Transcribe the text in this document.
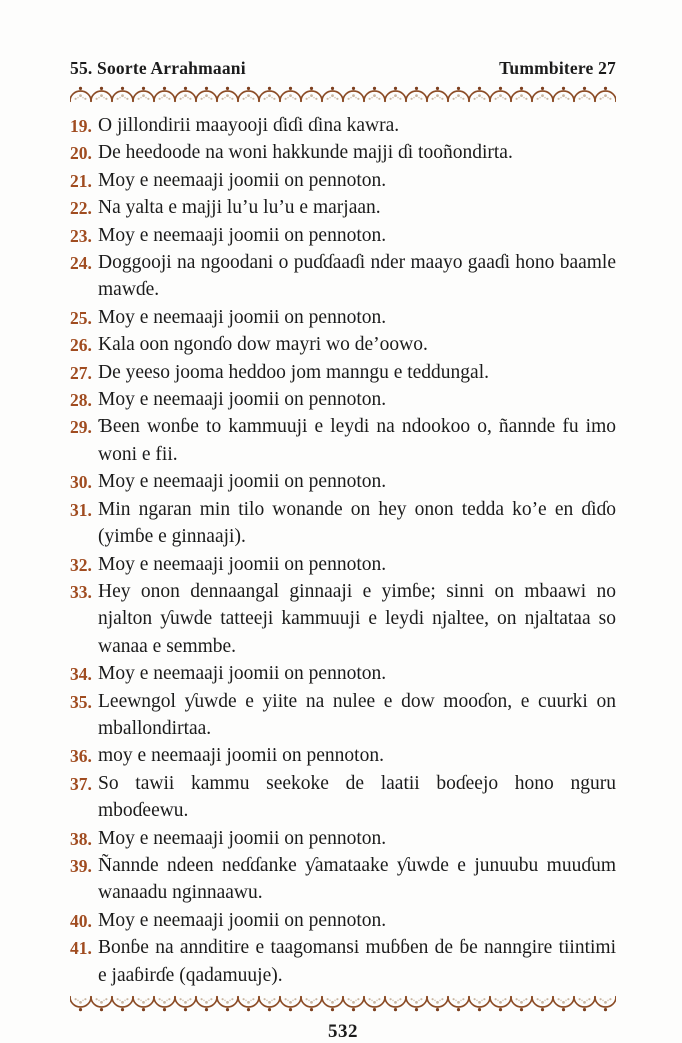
55. Soorte Arrahmaani	Tummbitere 27

19. O jillondirii maayooji ɗiɗi ɗina kawra.

20. De heedoode na woni hakkunde majji ɗi tooñondirta.

21. Moy e neemaaji joomii on pennoton.

22. Na yalta e majji lu’u lu’u e marjaan.

23. Moy e neemaaji joomii on pennoton.

24. Doggooji na ngoodani o puɗɗaaɗi nder maayo gaaɗi hono baamle mawɗe.

25. Moy e neemaaji joomii on pennoton.

26. Kala oon ngonɗo dow mayri wo de’oowo.

27. De yeeso jooma heddoo jom manngu e teddungal.

28. Moy e neemaaji joomii on pennoton.

29. Ɓeen wonɓe to kammuuji e leydi na ndookoo o, ñannde fu imo woni e fii.

30. Moy e neemaaji joomii on pennoton.

31. Min ngaran min tilo wonande on hey onon tedda ko’e en ɗiɗo (yimɓe e ginnaaji).

32. Moy e neemaaji joomii on pennoton.

33. Hey onon dennaangal ginnaaji e yimɓe; sinni on mbaawi no njalton ƴuwde tatteeji kammuuji e leydi njaltee, on njaltataa so wanaa e semmbe.

34. Moy e neemaaji joomii on pennoton.

35. Leewngol ƴuwde e yiite na nulee e dow mooɗon, e cuurki on mballondirtaa.

36. moy e neemaaji joomii on pennoton.

37. So tawii kammu seekoke de laatii boɗeejo hono nguru mboɗeewu.

38. Moy e neemaaji joomii on pennoton.

39. Ñannde ndeen neɗɗanke ƴamataake ƴuwde e junuubu muuɗum wanaadu nginnaawu.

40. Moy e neemaaji joomii on pennoton.

41. Bonɓe na annditire e taagomansi muɓɓen de ɓe nanngire tiintimi e jaaɓirɗe (qadamuuje).

532
